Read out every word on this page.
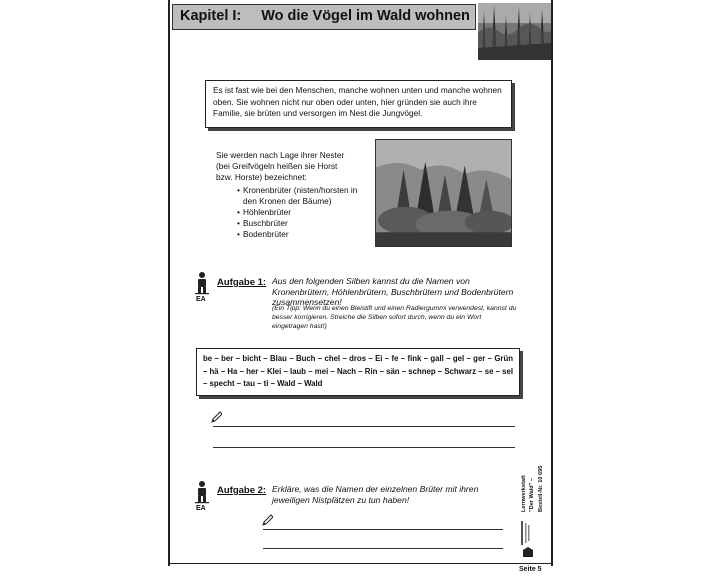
Kapitel I: Wo die Vögel im Wald wohnen
Es ist fast wie bei den Menschen, manche wohnen unten und manche wohnen oben. Sie wohnen nicht nur oben oder unten, hier gründen sie auch ihre Familie, sie brüten und versorgen im Nest die Jungvögel.

Sie werden nach Lage ihrer Nester

(bei Greifvögeln heißen sie Horst

bzw. Horste) bezeichnet:

• Kronenbrüter (nisten/horsten in den Kronen der Bäume)
• Höhlenbrüter
• Buschbrüter
• Bodenbrüter
EA
Aufgabe 1: Aus den folgenden Silben kannst du die Namen von Kronenbrütern, Höhlenbrütern, Buschbrütern und Bodenbrütern zusammensetzen!
(Ein Tipp: Wenn du einen Bleistift und einen Radiergummi verwendest, kannst du besser korrigieren. Streiche die Silben sofort durch, wenn du ein Wort eingetragen hast!)
be – ber – bicht – Blau – Buch – chel – dros – Ei – fe – fink – gall – gel – ger – Grün – hä – Ha – her – Klei – laub – mei – Nach – Rin – sän – schnep – Schwarz – se – sel – specht – tau – ti – Wald – Wald
EA
Aufgabe 2: Erkläre, was die Namen der einzelnen Brüter mit ihren jeweiligen Nistplätzen zu tun haben!	Lernwerkstatt "Der Wald" – Bestell-Nr. 10 695
Seite 5
